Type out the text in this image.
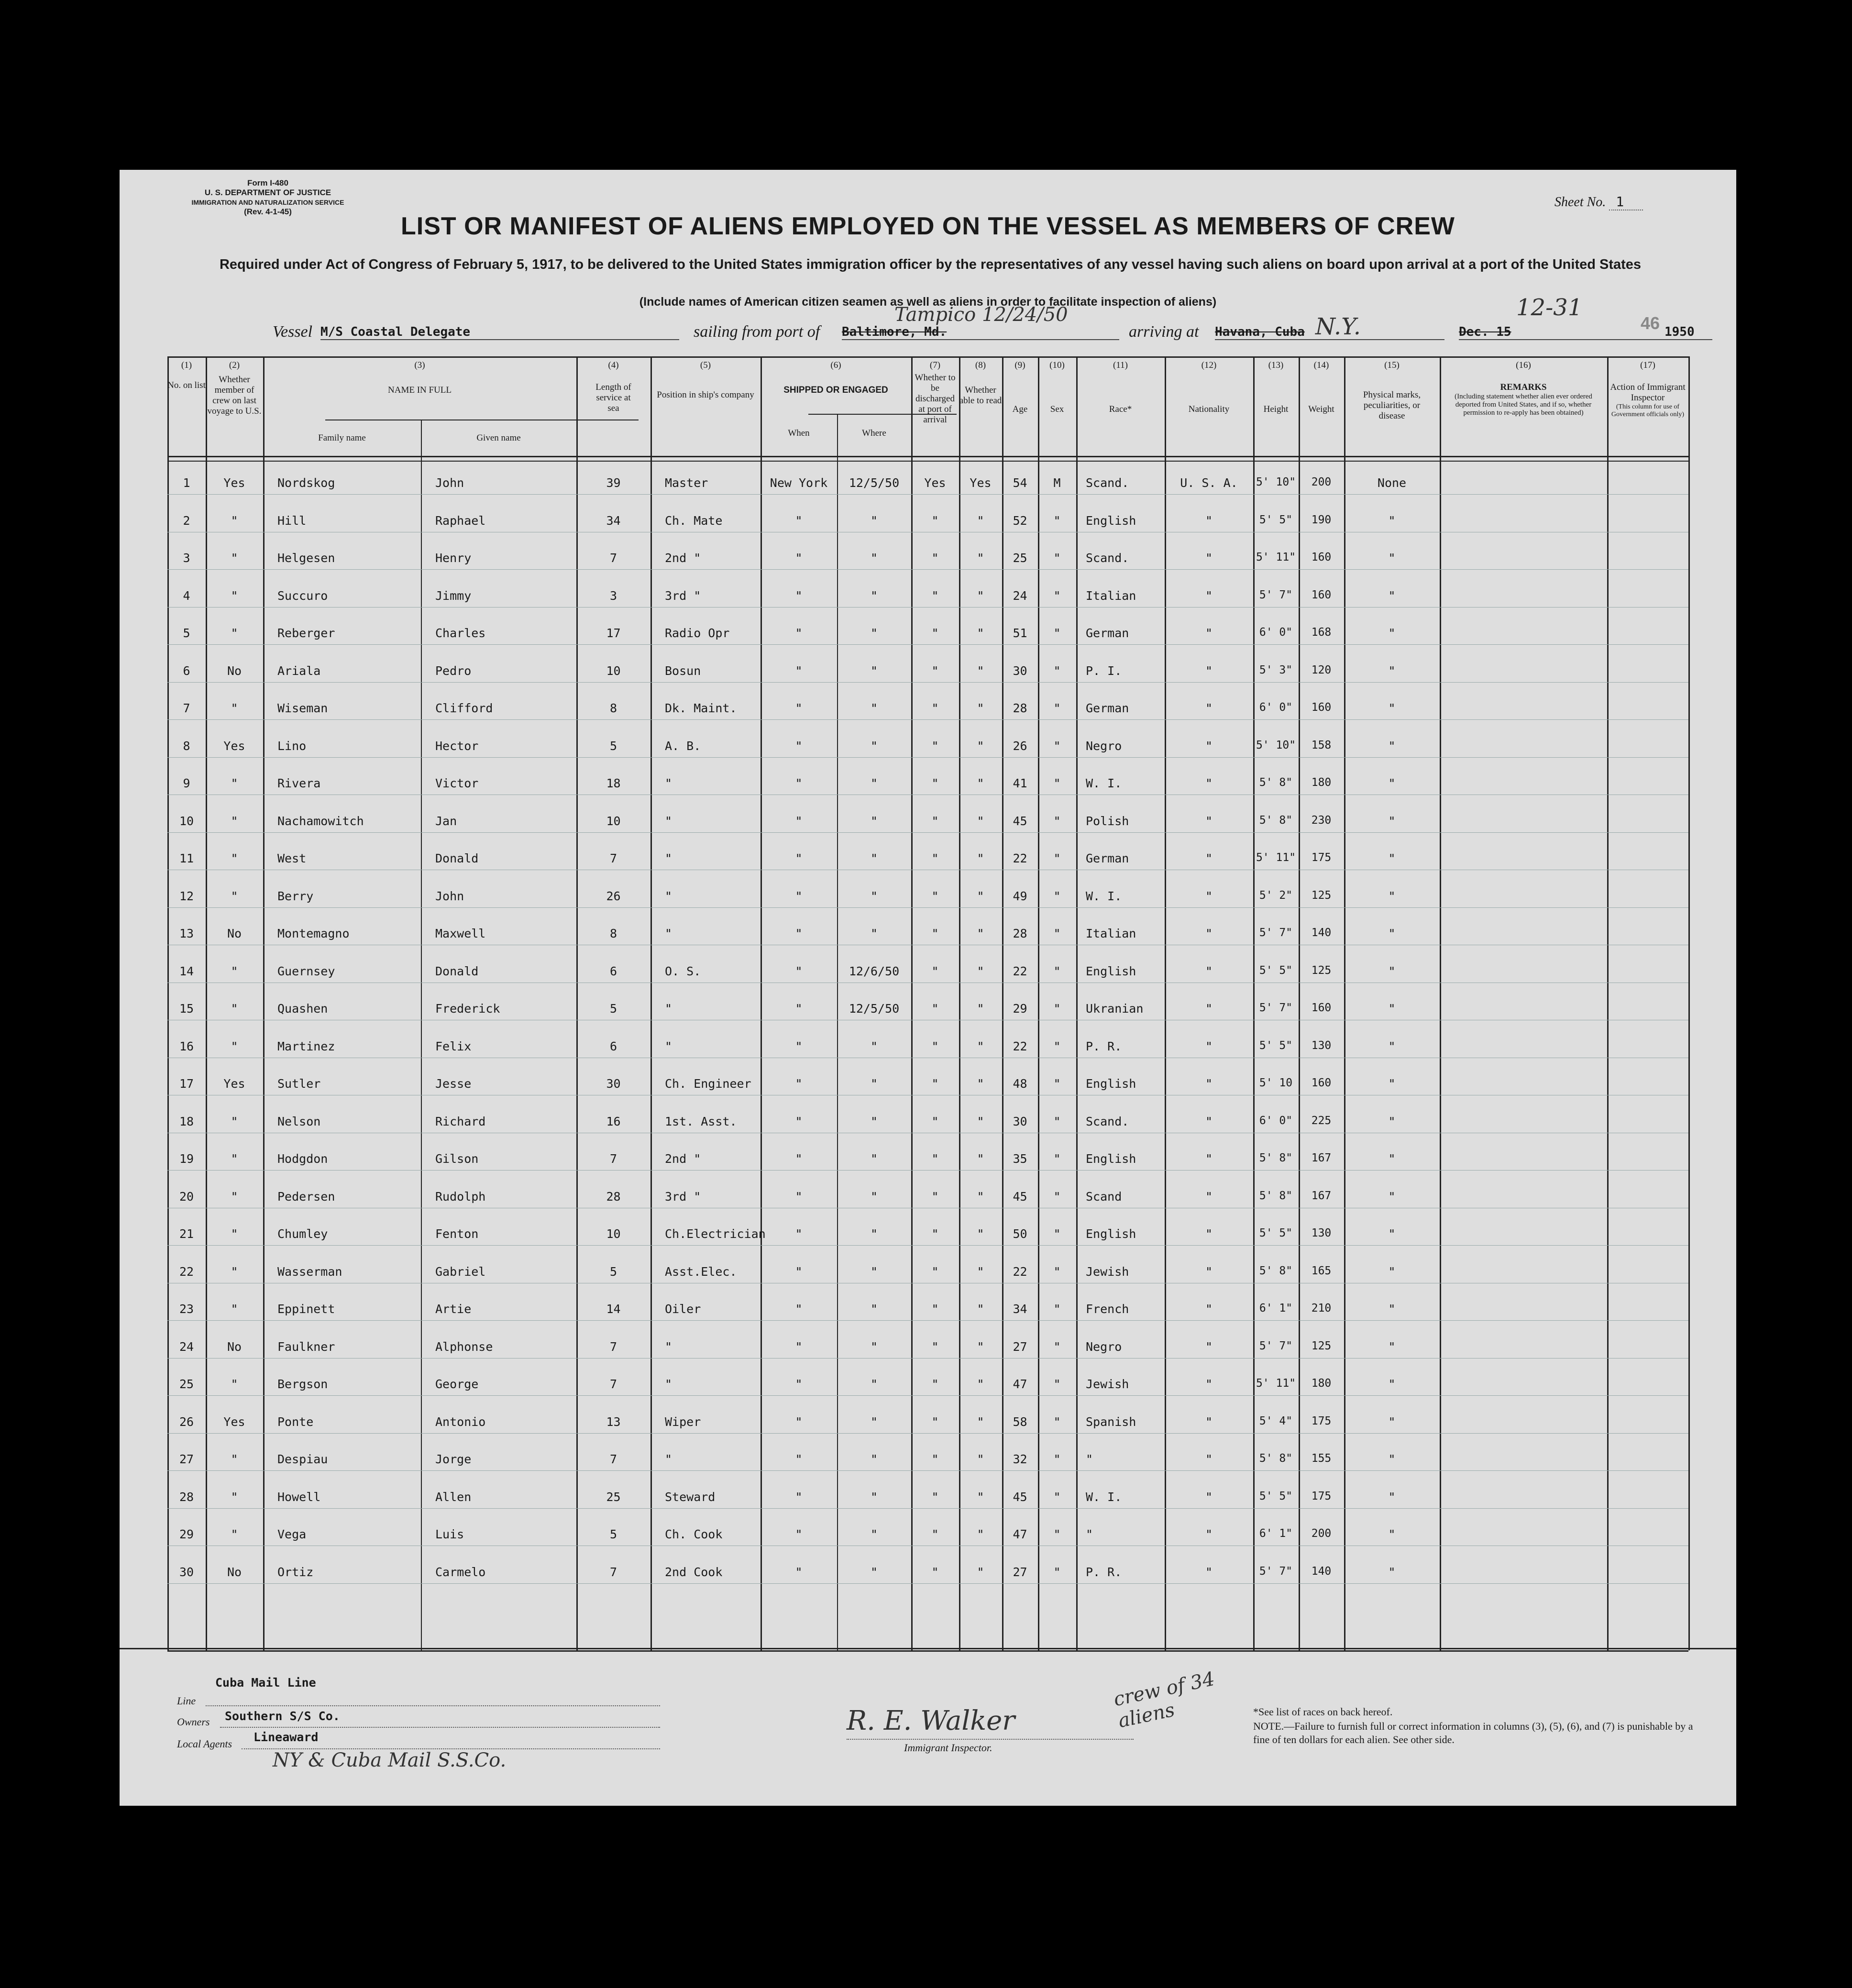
Form I-480
U. S. DEPARTMENT OF JUSTICE
IMMIGRATION AND NATURALIZATION SERVICE
(Rev. 4-1-45)
Sheet No. 1
46
LIST OR MANIFEST OF ALIENS EMPLOYED ON THE VESSEL AS MEMBERS OF CREW
Required under Act of Congress of February 5, 1917, to be delivered to the United States immigration officer by the representatives of any vessel having such aliens on board upon arrival at a port of the United States
(Include names of American citizen seamen as well as aliens in order to facilitate inspection of aliens)
Vessel M/S Coastal Delegate	sailing from port of Baltimore, Md.
Tampico 12/24/50
arriving at Havana, Cuba N.Y.	Dec. 15
12-31
1950
(1)
No. on list
(2)
Whether member of crew on last voyage to U.S.
(3)
NAME IN FULL
Family name	Given name
(4)
Length of service at sea
(5)
Position in ship's company
(6)
SHIPPED OR ENGAGED
When	Where
(7)
Whether to be discharged at port of arrival
(8)
Whether able to read
(9)
Age
(10)
Sex
(11)
Race*
(12)
Nationality
(13)
Height
(14)
Weight
(15)
Physical marks, peculiarities, or disease
(16)
REMARKS
(Including statement whether alien ever ordered deported from United States, and if so, whether permission to re-apply has been obtained)
(17)
Action of Immigrant Inspector
(This column for use of Government officials only)
1	Yes	Nordskog	John	39	Master	New York	12/5/50	Yes	Yes	54	M	Scand.	U. S. A.	5' 10"	200	None
2	"	Hill	Raphael	34	Ch. Mate	"	"	"	"	52	"	English	"	5' 5"	190	"
3	"	Helgesen	Henry	7	2nd "	"	"	"	"	25	"	Scand.	"	5' 11"	160	"
4	"	Succuro	Jimmy	3	3rd "	"	"	"	"	24	"	Italian	"	5' 7"	160	"
5	"	Reberger	Charles	17	Radio Opr	"	"	"	"	51	"	German	"	6' 0"	168	"
6	No	Ariala	Pedro	10	Bosun	"	"	"	"	30	"	P. I.	"	5' 3"	120	"
7	"	Wiseman	Clifford	8	Dk. Maint.	"	"	"	"	28	"	German	"	6' 0"	160	"
8	Yes	Lino	Hector	5	A. B.	"	"	"	"	26	"	Negro	"	5' 10"	158	"
9	"	Rivera	Victor	18	"	"	"	"	"	41	"	W. I.	"	5' 8"	180	"
10	"	Nachamowitch	Jan	10	"	"	"	"	"	45	"	Polish	"	5' 8"	230	"
11	"	West	Donald	7	"	"	"	"	"	22	"	German	"	5' 11"	175	"
12	"	Berry	John	26	"	"	"	"	"	49	"	W. I.	"	5' 2"	125	"
13	No	Montemagno	Maxwell	8	"	"	"	"	"	28	"	Italian	"	5' 7"	140	"
14	"	Guernsey	Donald	6	O. S.	"	12/6/50	"	"	22	"	English	"	5' 5"	125	"
15	"	Quashen	Frederick	5	"	"	12/5/50	"	"	29	"	Ukranian	"	5' 7"	160	"
16	"	Martinez	Felix	6	"	"	"	"	"	22	"	P. R.	"	5' 5"	130	"
17	Yes	Sutler	Jesse	30	Ch. Engineer	"	"	"	"	48	"	English	"	5' 10	160	"
18	"	Nelson	Richard	16	1st. Asst.	"	"	"	"	30	"	Scand.	"	6' 0"	225	"
19	"	Hodgdon	Gilson	7	2nd "	"	"	"	"	35	"	English	"	5' 8"	167	"
20	"	Pedersen	Rudolph	28	3rd "	"	"	"	"	45	"	Scand	"	5' 8"	167	"
21	"	Chumley	Fenton	10	Ch.Electrician	"	"	"	"	50	"	English	"	5' 5"	130	"
22	"	Wasserman	Gabriel	5	Asst.Elec.	"	"	"	"	22	"	Jewish	"	5' 8"	165	"
23	"	Eppinett	Artie	14	Oiler	"	"	"	"	34	"	French	"	6' 1"	210	"
24	No	Faulkner	Alphonse	7	"	"	"	"	"	27	"	Negro	"	5' 7"	125	"
25	"	Bergson	George	7	"	"	"	"	"	47	"	Jewish	"	5' 11"	180	"
26	Yes	Ponte	Antonio	13	Wiper	"	"	"	"	58	"	Spanish	"	5' 4"	175	"
27	"	Despiau	Jorge	7	"	"	"	"	"	32	"	"	"	5' 8"	155	"
28	"	Howell	Allen	25	Steward	"	"	"	"	45	"	W. I.	"	5' 5"	175	"
29	"	Vega	Luis	5	Ch. Cook	"	"	"	"	47	"	"	"	6' 1"	200	"
30	No	Ortiz	Carmelo	7	2nd Cook	"	"	"	"	27	"	P. R.	"	5' 7"	140	"
Cuba Mail Line
Line
Southern S/S Co.
Owners
Lineaward
Local Agents
NY & Cuba Mail S.S.Co.
R. E. Walker
Immigrant Inspector.
crew of 34 aliens	*See list of races on back hereof.
NOTE.—Failure to furnish full or correct information in columns (3), (5), (6), and (7) is punishable by a fine of ten dollars for each alien. See other side.
